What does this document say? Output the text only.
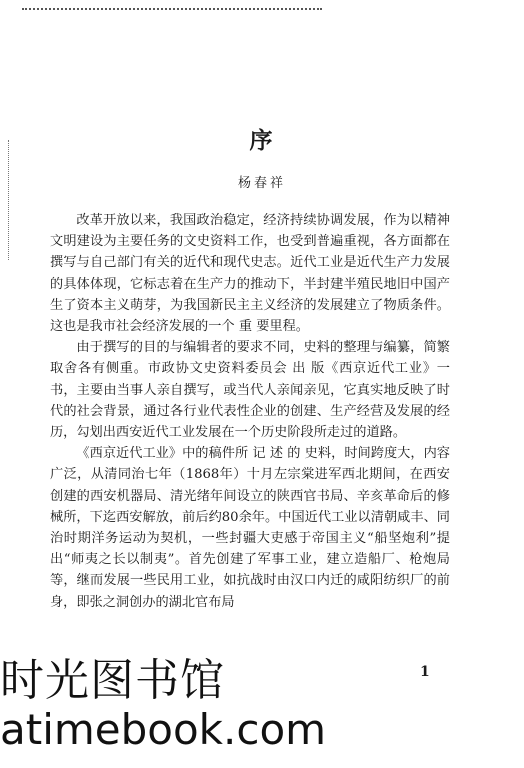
序
杨春祥

改革开放以来，我国政治稳定，经济持续协调发展，作为以精神文明建设为主要任务的文史资料工作，也受到普遍重视，各方面都在撰写与自己部门有关的近代和现代史志。近代工业是近代生产力发展的具体体现，它标志着在生产力的推动下，半封建半殖民地旧中国产生了资本主义萌芽，为我国新民主主义经济的发展建立了物质条件。这也是我市社会经济发展的一个 重 要里程。

由于撰写的目的与编辑者的要求不同，史料的整理与编纂，简繁取舍各有侧重。市政协文史资料委员会 出 版《西京近代工业》一书，主要由当事人亲自撰写，或当代人亲闻亲见，它真实地反映了时代的社会背景，通过各行业代表性企业的创建、生产经营及发展的经历，勾划出西安近代工业发展在一个历史阶段所走过的道路。

《西京近代工业》中的稿件所 记 述 的 史料，时间跨度大，内容广泛，从清同治七年（1868年）十月左宗棠进军西北期间，在西安创建的西安机器局、清光绪年间设立的陕西官书局、辛亥革命后的修械所，下迄西安解放，前后约80余年。中国近代工业以清朝咸丰、同治时期洋务运动为契机，一些封疆大吏感于帝国主义“船坚炮利”提出“师夷之长以制夷”。首先创建了军事工业，建立造船厂、枪炮局等，继而发展一些民用工业，如抗战时由汉口内迁的咸阳纺织厂的前身，即张之洞创办的湖北官布局

1
时光图书馆
atimebook.com
